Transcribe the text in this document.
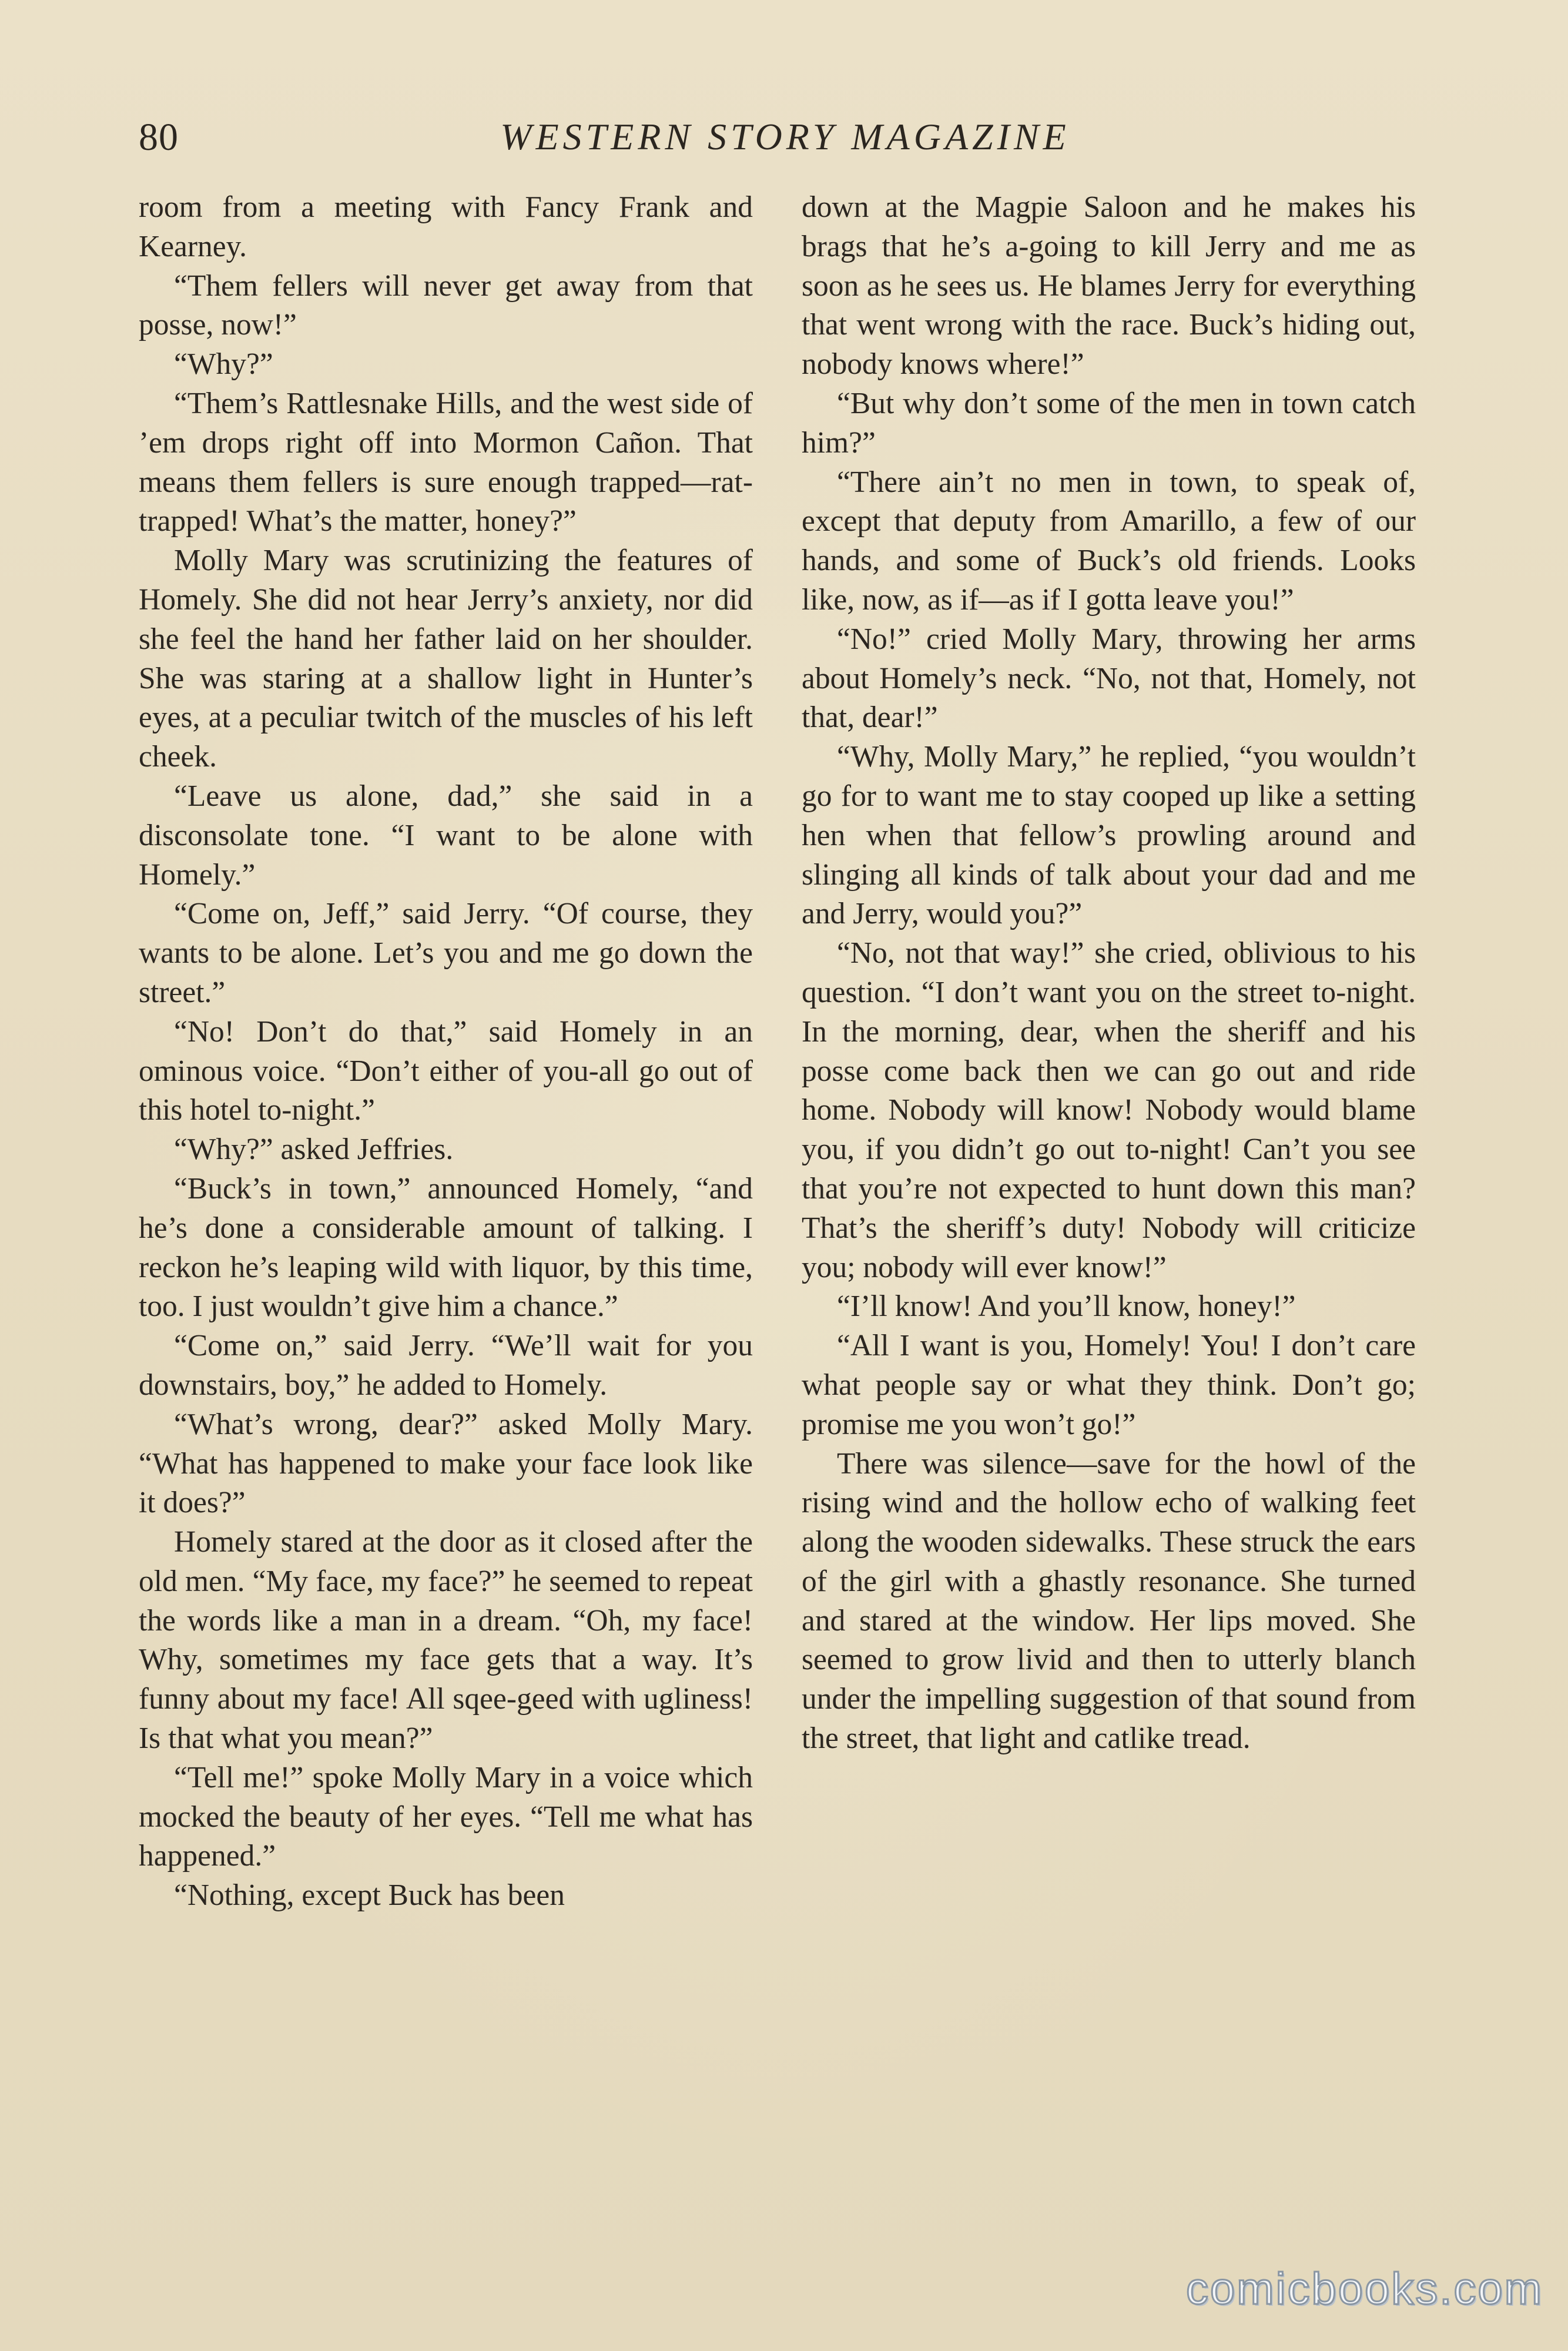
80	WESTERN STORY MAGAZINE

room from a meeting with Fancy Frank and Kearney.

“Them fellers will never get away from that posse, now!”

“Why?”

“Them’s Rattlesnake Hills, and the west side of ’em drops right off into Mormon Cañon. That means them fellers is sure enough trapped—rat-trapped! What’s the matter, honey?”

Molly Mary was scrutinizing the features of Homely. She did not hear Jerry’s anxiety, nor did she feel the hand her father laid on her shoulder. She was staring at a shallow light in Hunter’s eyes, at a peculiar twitch of the muscles of his left cheek.

“Leave us alone, dad,” she said in a disconsolate tone. “I want to be alone with Homely.”

“Come on, Jeff,” said Jerry. “Of course, they wants to be alone. Let’s you and me go down the street.”

“No! Don’t do that,” said Homely in an ominous voice. “Don’t either of you-all go out of this hotel to-night.”

“Why?” asked Jeffries.

“Buck’s in town,” announced Homely, “and he’s done a considerable amount of talking. I reckon he’s leaping wild with liquor, by this time, too. I just wouldn’t give him a chance.”

“Come on,” said Jerry. “We’ll wait for you downstairs, boy,” he added to Homely.

“What’s wrong, dear?” asked Molly Mary. “What has happened to make your face look like it does?”

Homely stared at the door as it closed after the old men. “My face, my face?” he seemed to repeat the words like a man in a dream. “Oh, my face! Why, sometimes my face gets that a way. It’s funny about my face! All sqee-geed with ugliness! Is that what you mean?”

“Tell me!” spoke Molly Mary in a voice which mocked the beauty of her eyes. “Tell me what has happened.”

“Nothing, except Buck has been

down at the Magpie Saloon and he makes his brags that he’s a-going to kill Jerry and me as soon as he sees us. He blames Jerry for everything that went wrong with the race. Buck’s hiding out, nobody knows where!”

“But why don’t some of the men in town catch him?”

“There ain’t no men in town, to speak of, except that deputy from Amarillo, a few of our hands, and some of Buck’s old friends. Looks like, now, as if—as if I gotta leave you!”

“No!” cried Molly Mary, throwing her arms about Homely’s neck. “No, not that, Homely, not that, dear!”

“Why, Molly Mary,” he replied, “you wouldn’t go for to want me to stay cooped up like a setting hen when that fellow’s prowling around and slinging all kinds of talk about your dad and me and Jerry, would you?”

“No, not that way!” she cried, oblivious to his question. “I don’t want you on the street to-night. In the morning, dear, when the sheriff and his posse come back then we can go out and ride home. Nobody will know! Nobody would blame you, if you didn’t go out to-night! Can’t you see that you’re not expected to hunt down this man? That’s the sheriff’s duty! Nobody will criticize you; nobody will ever know!”

“I’ll know! And you’ll know, honey!”

“All I want is you, Homely! You! I don’t care what people say or what they think. Don’t go; promise me you won’t go!”

There was silence—save for the howl of the rising wind and the hollow echo of walking feet along the wooden sidewalks. These struck the ears of the girl with a ghastly resonance. She turned and stared at the window. Her lips moved. She seemed to grow livid and then to utterly blanch under the impelling suggestion of that sound from the street, that light and catlike tread.

comicbooks.com
